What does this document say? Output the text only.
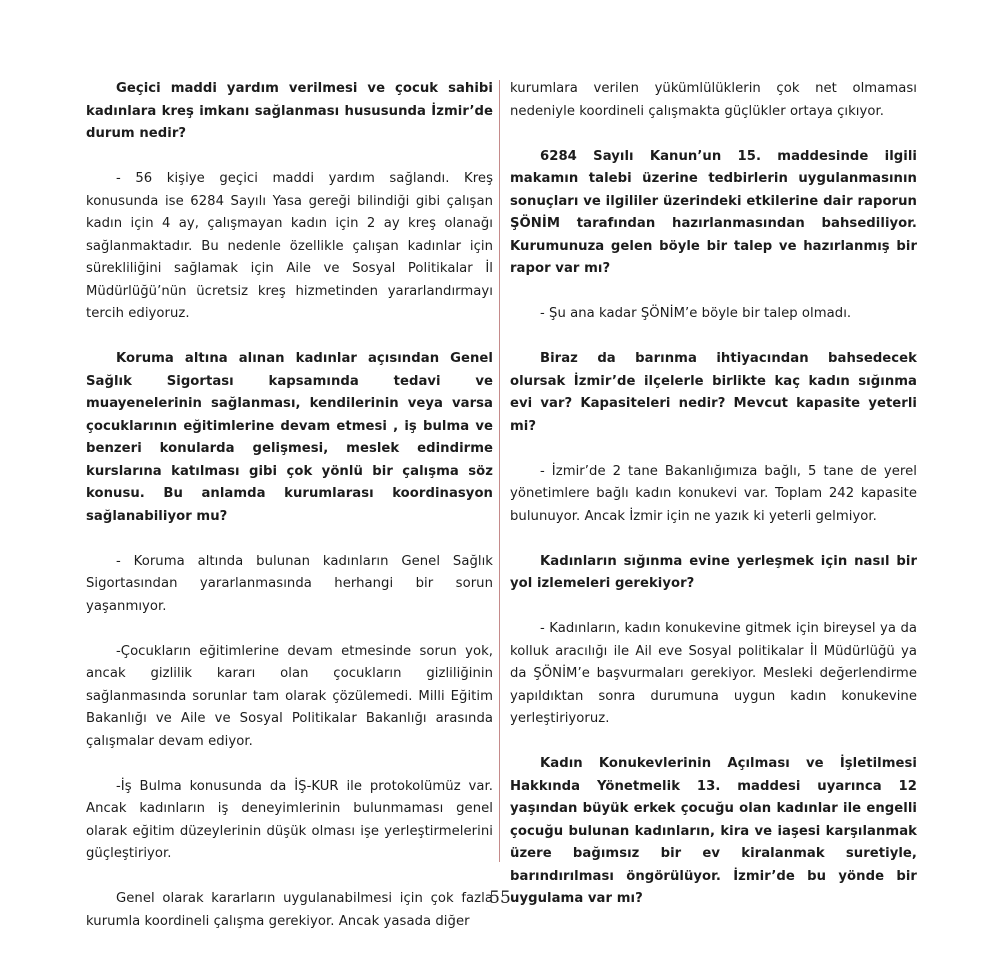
Geçici maddi yardım verilmesi ve çocuk sahibi kadınlara kreş imkanı sağlanması hususunda İzmir’de durum nedir?

- 56 kişiye geçici maddi yardım sağlandı. Kreş konusunda ise 6284 Sayılı Yasa gereği bilindiği gibi çalışan kadın için 4 ay, çalışmayan kadın için 2 ay kreş olanağı sağlanmaktadır. Bu nedenle özellikle çalışan kadınlar için sürekliliğini sağlamak için Aile ve Sosyal Politikalar İl Müdürlüğü’nün ücretsiz kreş hizmetinden yararlandırmayı tercih ediyoruz.

Koruma altına alınan kadınlar açısından Genel Sağlık Sigortası kapsamında tedavi ve muayenelerinin sağlanması, kendilerinin veya varsa çocuklarının eğitimlerine devam etmesi , iş bulma ve benzeri konularda gelişmesi, meslek edindirme kurslarına katılması gibi çok yönlü bir çalışma söz konusu. Bu anlamda kurumlarası koordinasyon sağlanabiliyor mu?

- Koruma altında bulunan kadınların Genel Sağlık Sigortasından yararlanmasında herhangi bir sorun yaşanmıyor.

-Çocukların eğitimlerine devam etmesinde sorun yok, ancak gizlilik kararı olan çocukların gizliliğinin sağlanmasında sorunlar tam olarak çözülemedi. Milli Eğitim Bakanlığı ve Aile ve Sosyal Politikalar Bakanlığı arasında çalışmalar devam ediyor.

-İş Bulma konusunda da İŞ-KUR ile protokolümüz var. Ancak kadınların iş deneyimlerinin bulunmaması genel olarak eğitim düzeylerinin düşük olması işe yerleştirmelerini güçleştiriyor.

Genel olarak kararların uygulanabilmesi için çok fazla kurumla koordineli çalışma gerekiyor. Ancak yasada diğer

kurumlara verilen yükümlülüklerin çok net olmaması nedeniyle koordineli çalışmakta güçlükler ortaya çıkıyor.

6284 Sayılı Kanun’un 15. maddesinde ilgili makamın talebi üzerine tedbirlerin uygulanmasının sonuçları ve ilgililer üzerindeki etkilerine dair raporun ŞÖNİM tarafından hazırlanmasından bahsediliyor. Kurumunuza gelen böyle bir talep ve hazırlanmış bir rapor var mı?

- Şu ana kadar ŞÖNİM’e böyle bir talep olmadı.

Biraz da barınma ihtiyacından bahsedecek olursak İzmir’de ilçelerle birlikte kaç kadın sığınma evi var? Kapasiteleri nedir? Mevcut kapasite yeterli mi?

- İzmir’de 2 tane Bakanlığımıza bağlı, 5 tane de yerel yönetimlere bağlı kadın konukevi var. Toplam 242 kapasite bulunuyor. Ancak İzmir için ne yazık ki yeterli gelmiyor.

Kadınların sığınma evine yerleşmek için nasıl bir yol izlemeleri gerekiyor?

- Kadınların, kadın konukevine gitmek için bireysel ya da kolluk aracılığı ile Ail eve Sosyal politikalar İl Müdürlüğü ya da ŞÖNİM’e başvurmaları gerekiyor. Mesleki değerlendirme yapıldıktan sonra durumuna uygun kadın konukevine yerleştiriyoruz.

Kadın Konukevlerinin Açılması ve İşletilmesi Hakkında Yönetmelik 13. maddesi uyarınca 12 yaşından büyük erkek çocuğu olan kadınlar ile engelli çocuğu bulunan kadınların, kira ve iaşesi karşılanmak üzere bağımsız bir ev kiralanmak suretiyle, barındırılması öngörülüyor. İzmir’de bu yönde bir uygulama var mı?

55
